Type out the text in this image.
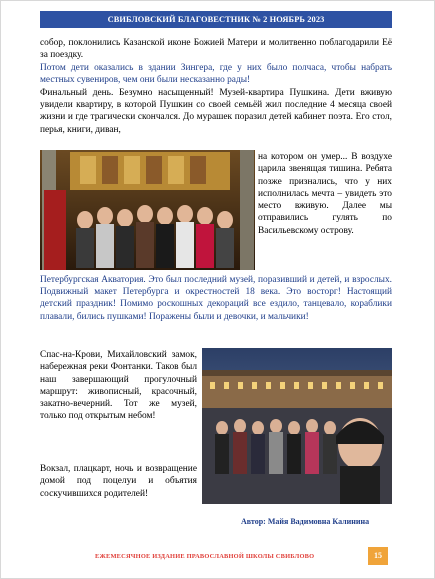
СВИБЛОВСКИЙ БЛАГОВЕСТНИК № 2 НОЯБРЬ 2023

собор, поклонились Казанской иконе Божией Матери и молитвенно поблагодарили Её за поездку.

Потом дети оказались в здании Зингера, где у них было полчаса, чтобы набрать местных сувениров, чем они были несказанно рады!

Финальный день. Безумно насыщенный! Музей-квартира Пушкина. Дети вживую увидели квартиру, в которой Пушкин со своей семьёй жил последние 4 месяца своей жизни и где трагически скончался. До мурашек поразил детей кабинет поэта. Его стол, перья, книги, диван,

на котором он умер... В воздухе царила звенящая тишина. Ребята позже признались, что у них исполнилась мечта – увидеть это место вживую. Далее мы отправились гулять по Васильевскому острову.

Петербургская Акватория. Это был последний музей, поразивший и детей, и взрослых. Подвижный макет Петербурга и окрестностей 18 века. Это восторг! Настоящий детский праздник! Помимо роскошных декораций все ездило, танцевало, кораблики плавали, бились пушками! Поражены были и девочки, и мальчики!

Спас-на-Крови, Михайловский замок, набережная реки Фонтанки. Таков был наш завершающий прогулочный маршрут: живописный, красочный, закатно-вечерний. Тот же музей, только под открытым небом!

Вокзал, плацкарт, ночь и возвращение домой под поцелуи и объятия соскучившихся родителей!

Автор: Майя Вадимовна Калинина
ЕЖЕМЕСЯЧНОЕ ИЗДАНИЕ ПРАВОСЛАВНОЙ ШКОЛЫ СВИБЛОВО	15
